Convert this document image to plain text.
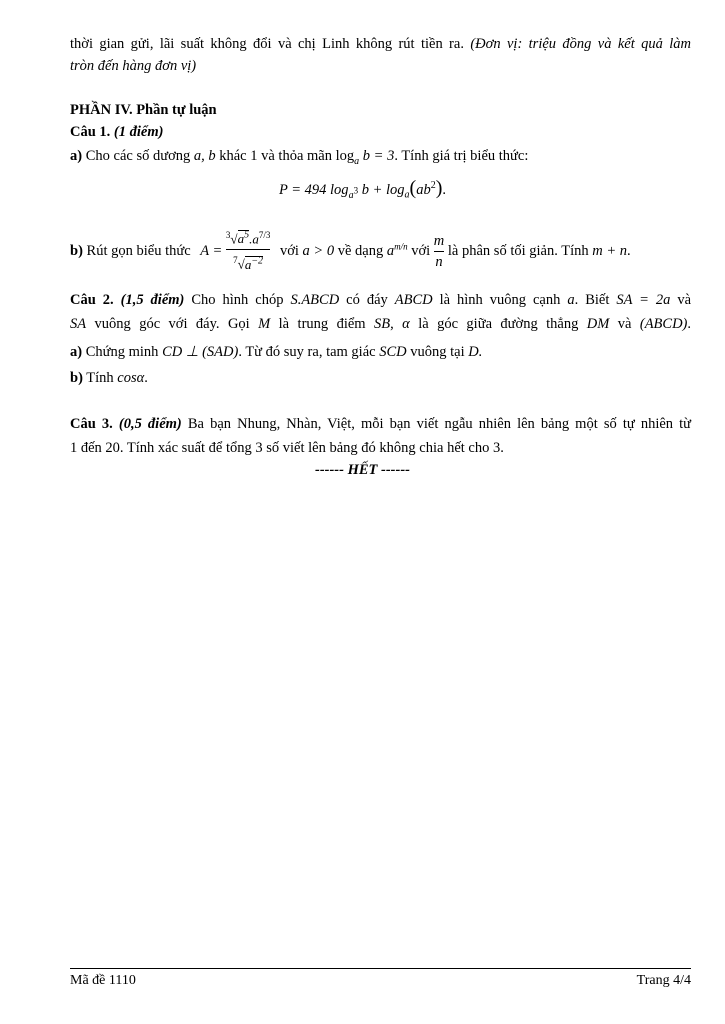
thời gian gửi, lãi suất không đổi và chị Linh không rút tiền ra. (Đơn vị: triệu đồng và kết quả làm
tròn đến hàng đơn vị)
PHẦN IV. Phần tự luận
Câu 1. (1 điểm)
a) Cho các số dương a, b khác 1 và thỏa mãn $\log_a b = 3$. Tính giá trị biểu thức:
P = 494 $\log_{a^3} b + \log_a(ab^2)$.
b) Rút gọn biểu thức $A = \frac{^3√a^5.a^{7/3}}{^7√a^{-2}}$ với a > 0 về dạng $a^{m/n}$ với $\frac{m}{n}$ là phân số tối giản. Tính m + n.
Câu 2. (1,5 điểm) Cho hình chóp S.ABCD có đáy ABCD là hình vuông cạnh a. Biết SA = 2a và
SA vuông góc với đáy. Gọi M là trung điểm SB, α là góc giữa đường thẳng DM và (ABCD).
a) Chứng minh CD ⊥ (SAD). Từ đó suy ra, tam giác SCD vuông tại D.
b) Tính cosα.
Câu 3. (0,5 điểm) Ba bạn Nhung, Nhàn, Việt, mỗi bạn viết ngẫu nhiên lên bảng một số tự nhiên từ
1 đến 20. Tính xác suất để tổng 3 số viết lên bảng đó không chia hết cho 3.
------ HẾT ------
Mã đề 1110	Trang 4/4
